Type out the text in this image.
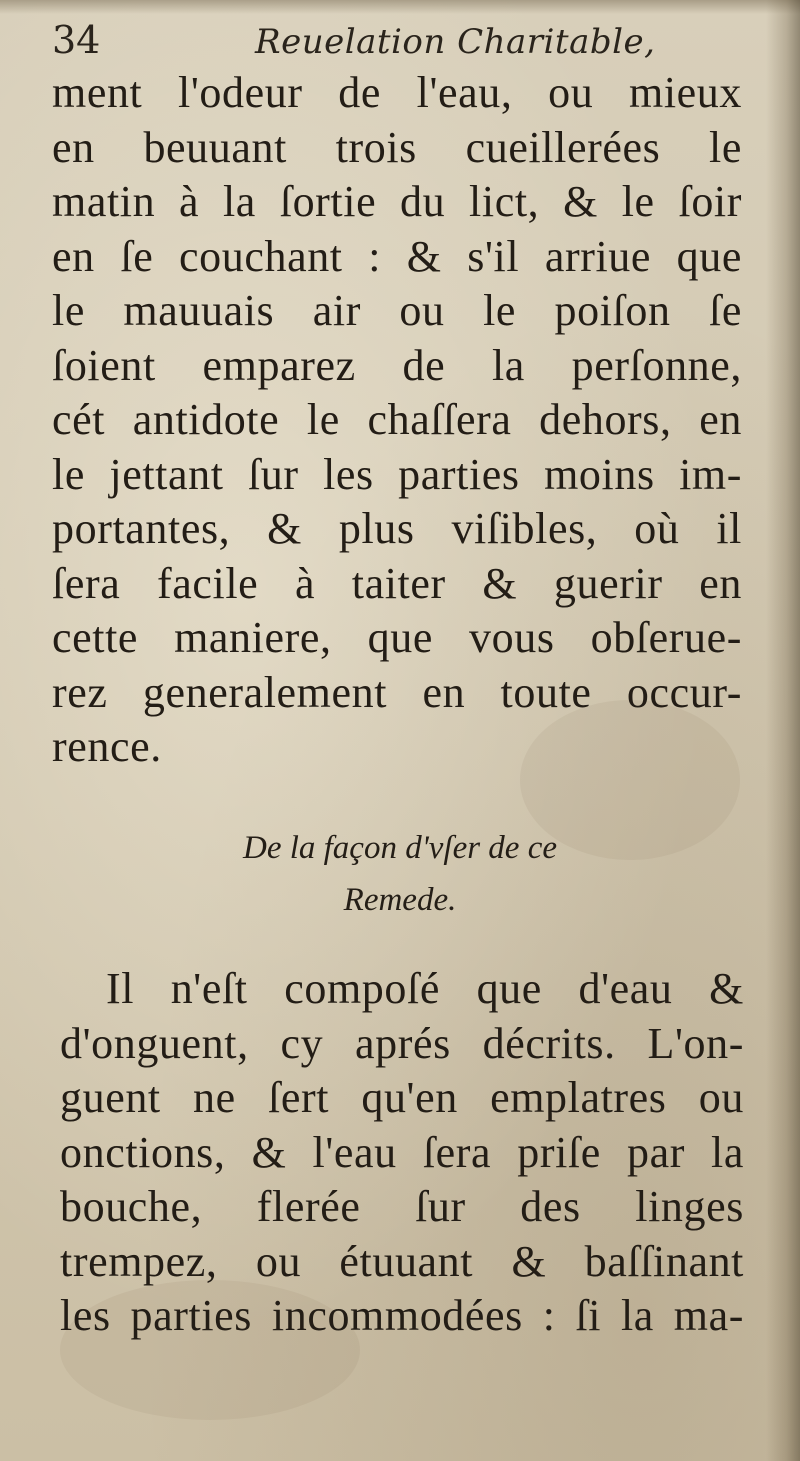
34	Reuelation Charitable,
ment l'odeur de l'eau, ou mieux
en beuuant trois cueillerées le
matin à la ſortie du lict, & le ſoir
en ſe couchant : & s'il arriue que
le mauuais air ou le poiſon ſe
ſoient emparez de la perſonne,
cét antidote le chaſſera dehors, en
le jettant ſur les parties moins im-
portantes, & plus viſibles, où il
ſera facile à taiter & guerir en
cette maniere, que vous obſerue-
rez generalement en toute occur-
rence.
De la façon d'vſer de ce
Remede.
Il n'eſt compoſé que d'eau &
d'onguent, cy aprés décrits. L'on-
guent ne ſert qu'en emplatres ou
onctions, & l'eau ſera priſe par la
bouche, flerée ſur des linges
trempez, ou étuuant & baſſinant
les parties incommodées : ſi la ma-
